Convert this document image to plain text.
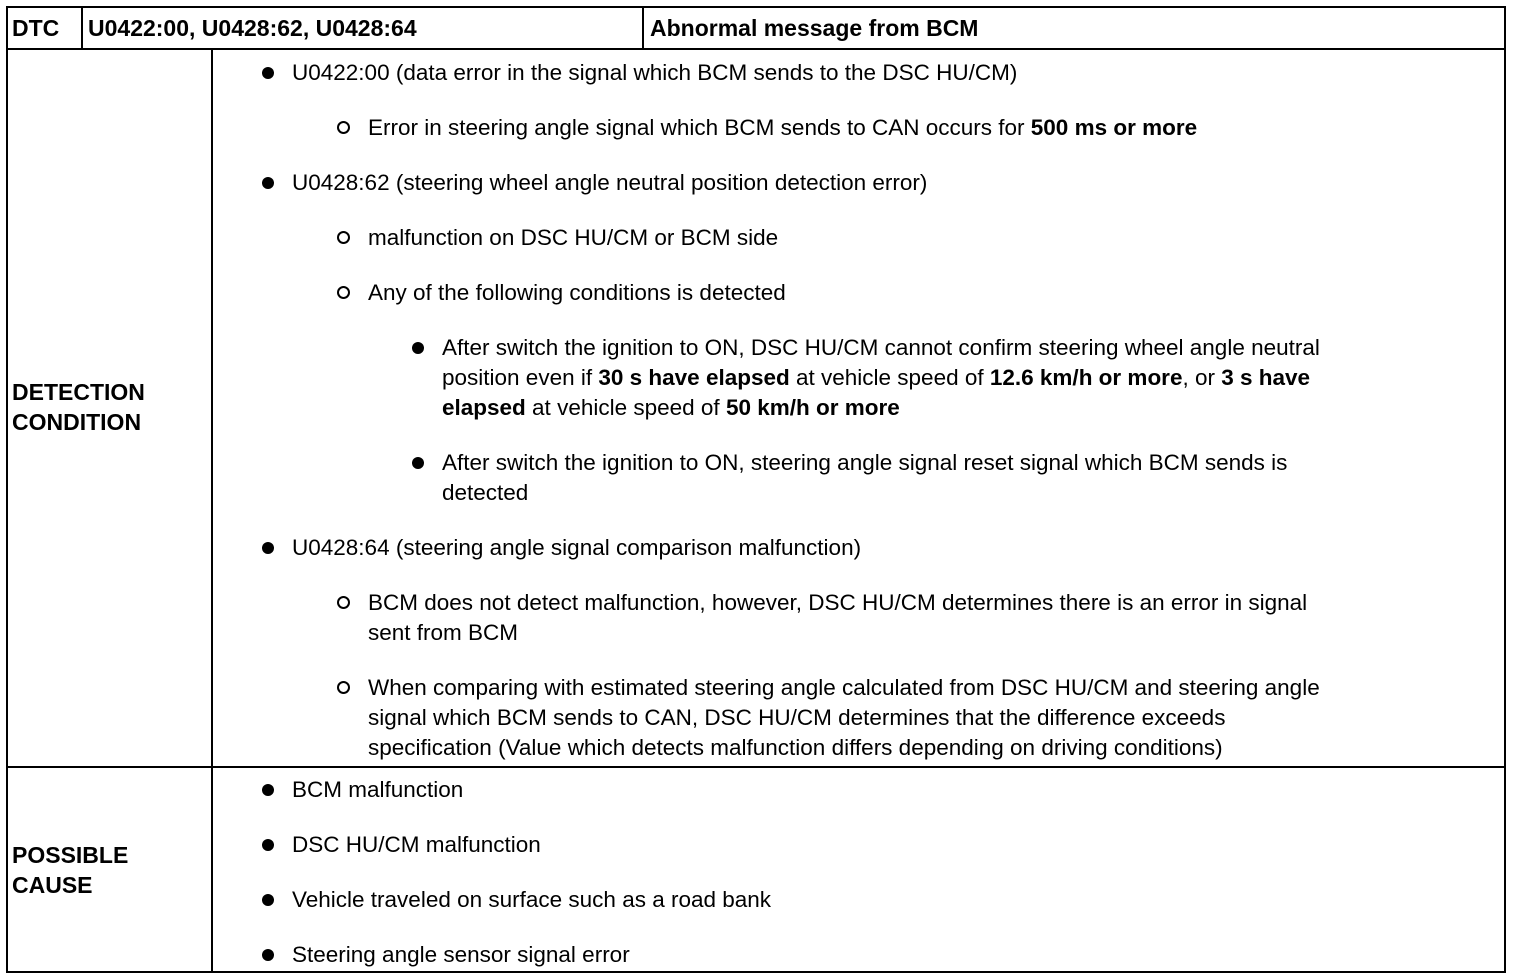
DTC U0422:00, U0428:62, U0428:64	Abnormal message from BCM
DETECTION
CONDITION
POSSIBLE
CAUSE
U0422:00 (data error in the signal which BCM sends to the DSC HU/CM)
Error in steering angle signal which BCM sends to CAN occurs for 500 ms or more
U0428:62 (steering wheel angle neutral position detection error)
malfunction on DSC HU/CM or BCM side
Any of the following conditions is detected
After switch the ignition to ON, DSC HU/CM cannot confirm steering wheel angle neutral
position even if 30 s have elapsed at vehicle speed of 12.6 km/h or more, or 3 s have
elapsed at vehicle speed of 50 km/h or more
After switch the ignition to ON, steering angle signal reset signal which BCM sends is
detected
U0428:64 (steering angle signal comparison malfunction)
BCM does not detect malfunction, however, DSC HU/CM determines there is an error in signal
sent from BCM
When comparing with estimated steering angle calculated from DSC HU/CM and steering angle
signal which BCM sends to CAN, DSC HU/CM determines that the difference exceeds
specification (Value which detects malfunction differs depending on driving conditions)
BCM malfunction
DSC HU/CM malfunction
Vehicle traveled on surface such as a road bank
Steering angle sensor signal error
